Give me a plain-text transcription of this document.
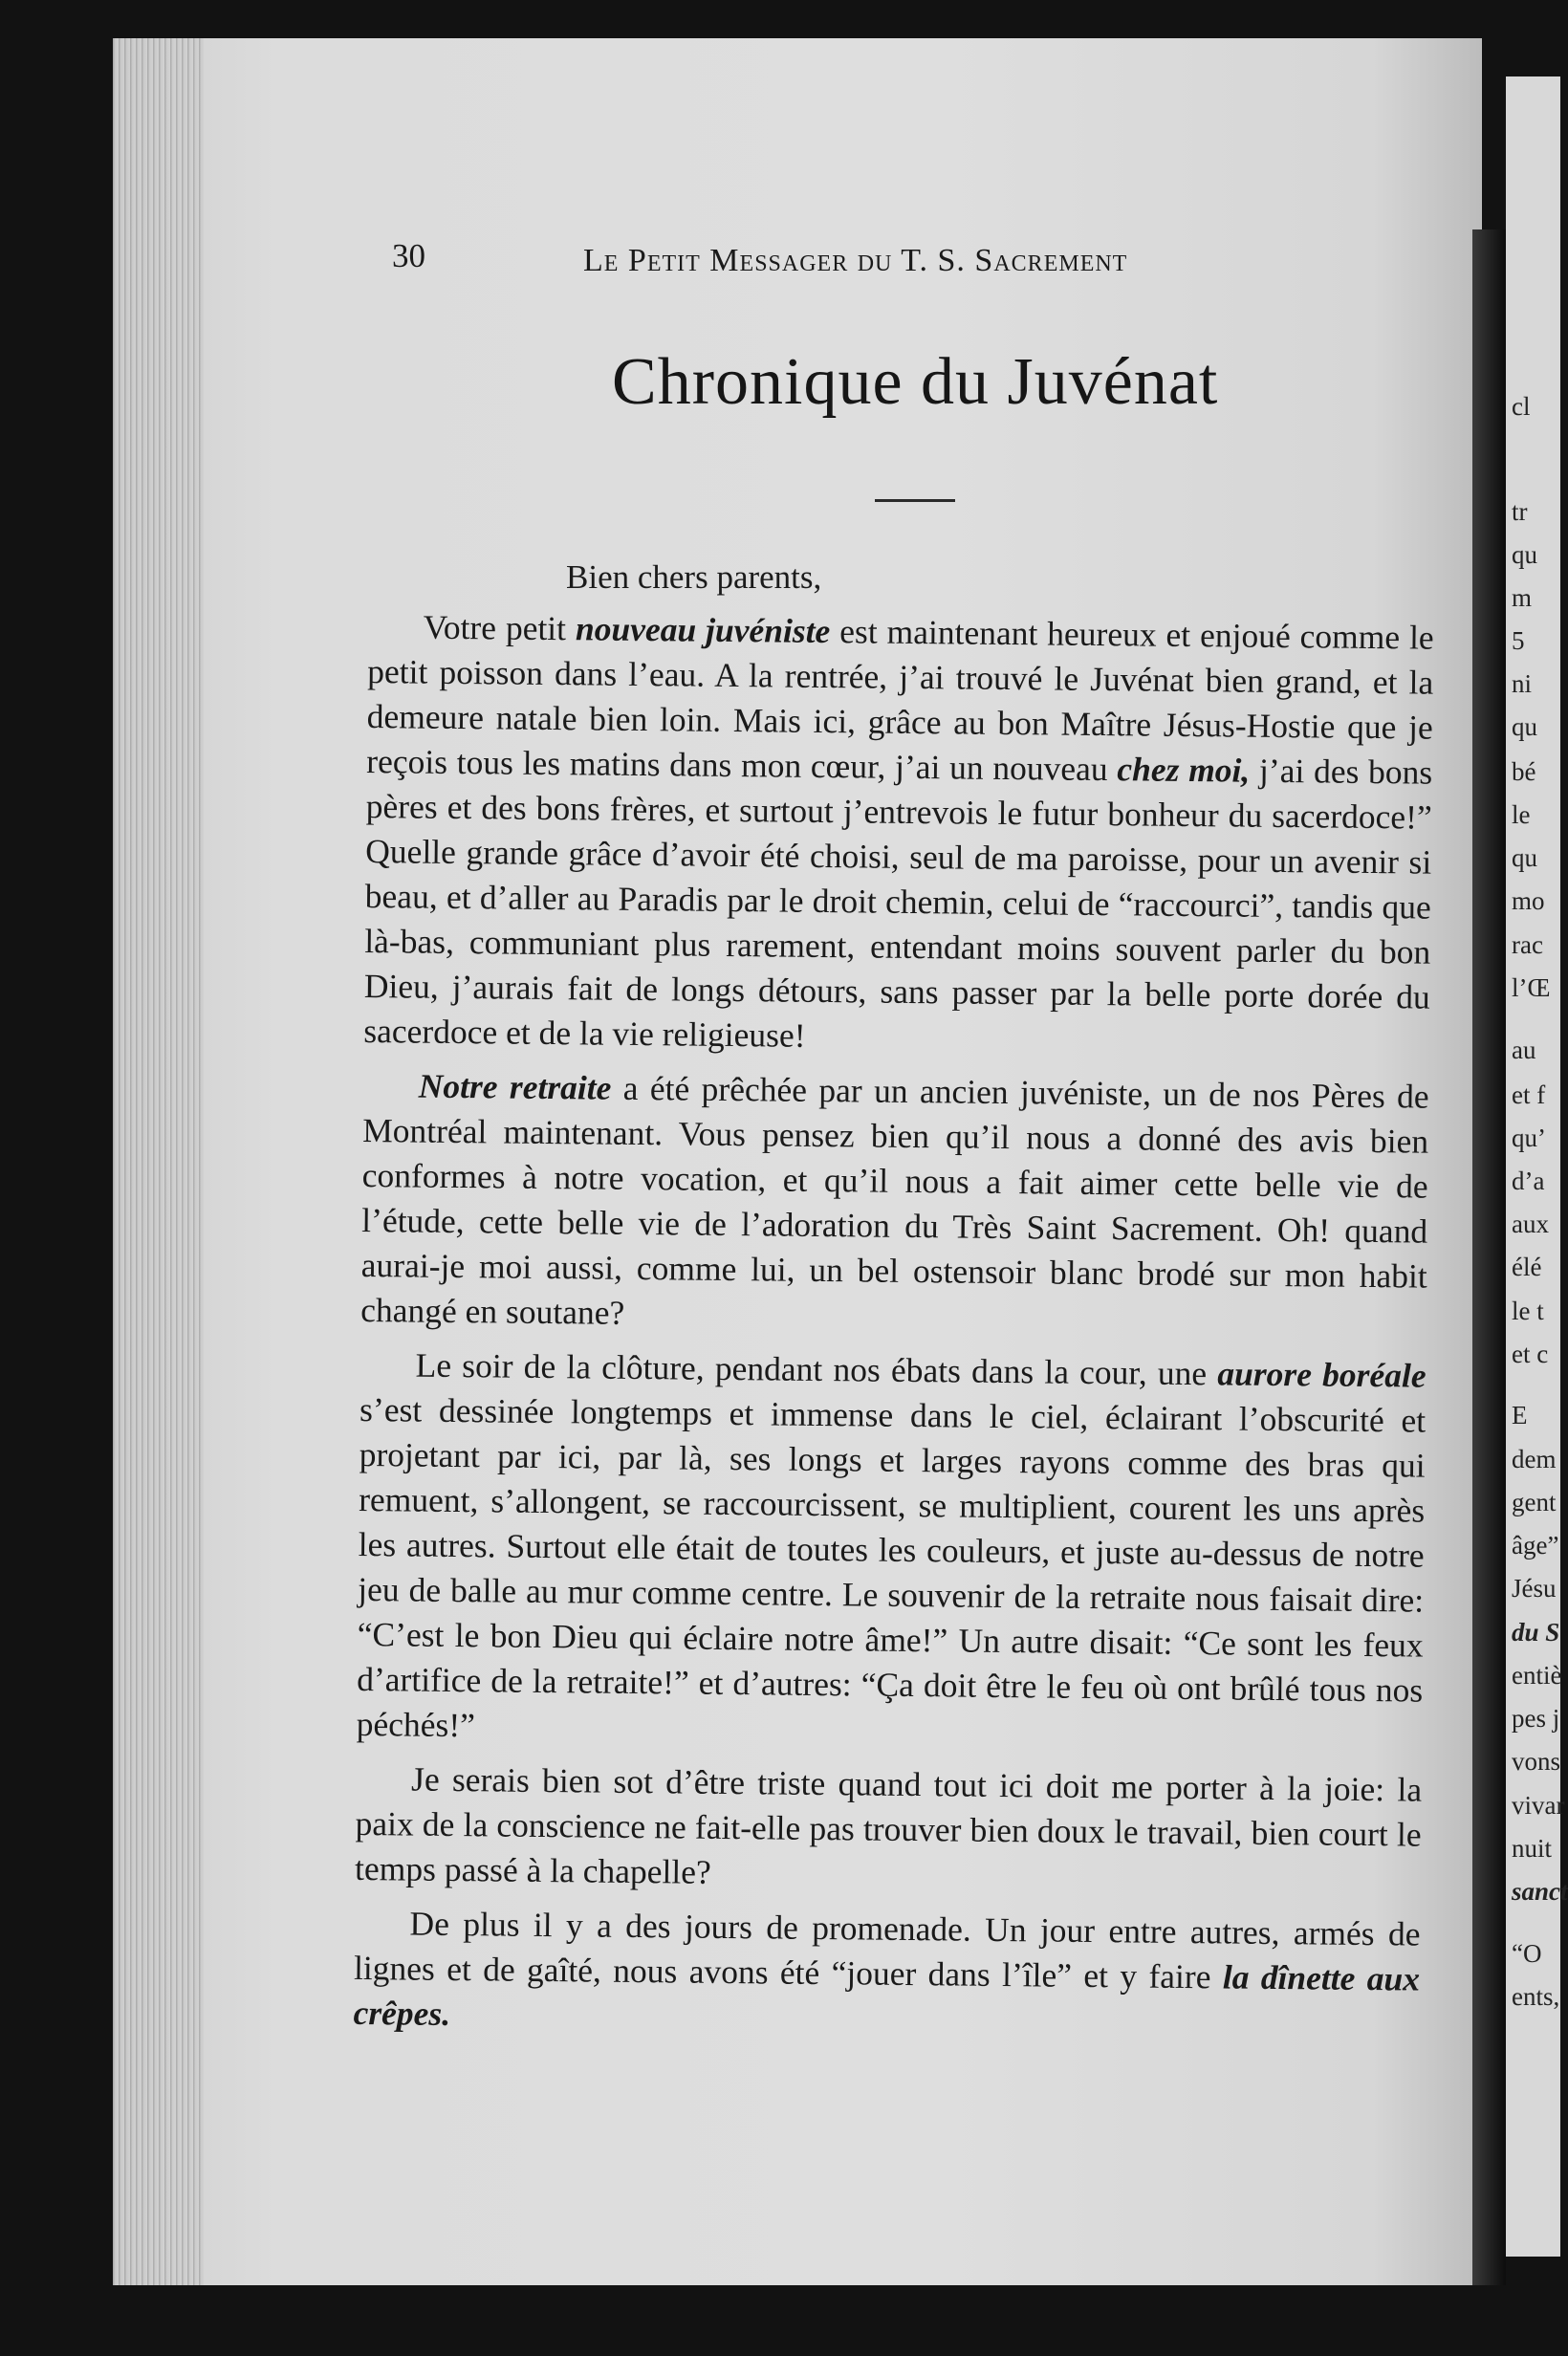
30	Le Petit Messager du T. S. Sacrement
Chronique du Juvénat
Bien chers parents,

Votre petit nouveau juvéniste est maintenant heureux et enjoué comme le petit poisson dans l’eau. A la rentrée, j’ai trouvé le Juvénat bien grand, et la demeure natale bien loin. Mais ici, grâce au bon Maître Jésus-Hostie que je reçois tous les matins dans mon cœur, j’ai un nouveau chez moi, j’ai des bons pères et des bons frères, et surtout j’entrevois le futur bonheur du sacerdoce!” Quelle grande grâce d’avoir été choisi, seul de ma paroisse, pour un avenir si beau, et d’aller au Paradis par le droit chemin, celui de “raccourci”, tandis que là-bas, communiant plus rarement, entendant moins souvent parler du bon Dieu, j’aurais fait de longs détours, sans passer par la belle porte dorée du sacerdoce et de la vie religieuse!

Notre retraite a été prêchée par un ancien juvéniste, un de nos Pères de Montréal maintenant. Vous pensez bien qu’il nous a donné des avis bien conformes à notre vocation, et qu’il nous a fait aimer cette belle vie de l’étude, cette belle vie de l’adoration du Très Saint Sacrement. Oh! quand aurai-je moi aussi, comme lui, un bel ostensoir blanc brodé sur mon habit changé en soutane?

Le soir de la clôture, pendant nos ébats dans la cour, une aurore boréale s’est dessinée longtemps et immense dans le ciel, éclairant l’obscurité et projetant par ici, par là, ses longs et larges rayons comme des bras qui remuent, s’allongent, se raccourcissent, se multiplient, courent les uns après les autres. Surtout elle était de toutes les couleurs, et juste au-dessus de notre jeu de balle au mur comme centre. Le souvenir de la retraite nous faisait dire: “C’est le bon Dieu qui éclaire notre âme!” Un autre disait: “Ce sont les feux d’artifice de la retraite!” et d’autres: “Ça doit être le feu où ont brûlé tous nos péchés!”

Je serais bien sot d’être triste quand tout ici doit me porter à la joie: la paix de la conscience ne fait-elle pas trouver bien doux le travail, bien court le temps passé à la chapelle?

De plus il y a des jours de promenade. Un jour entre autres, armés de lignes et de gaîté, nous avons été “jouer dans l’île” et y faire la dînette aux crêpes.

cl
tr
qu
m
5
ni
qu
bé
le
qu
mo
rac
l’Œ
au
et f
qu’
d’a
aux
élé
le t
et c
E
dem
gent
âge”
Jésu
du S
entiè
pes j
vons
vivar
nuit
sanct
“O
ents,
